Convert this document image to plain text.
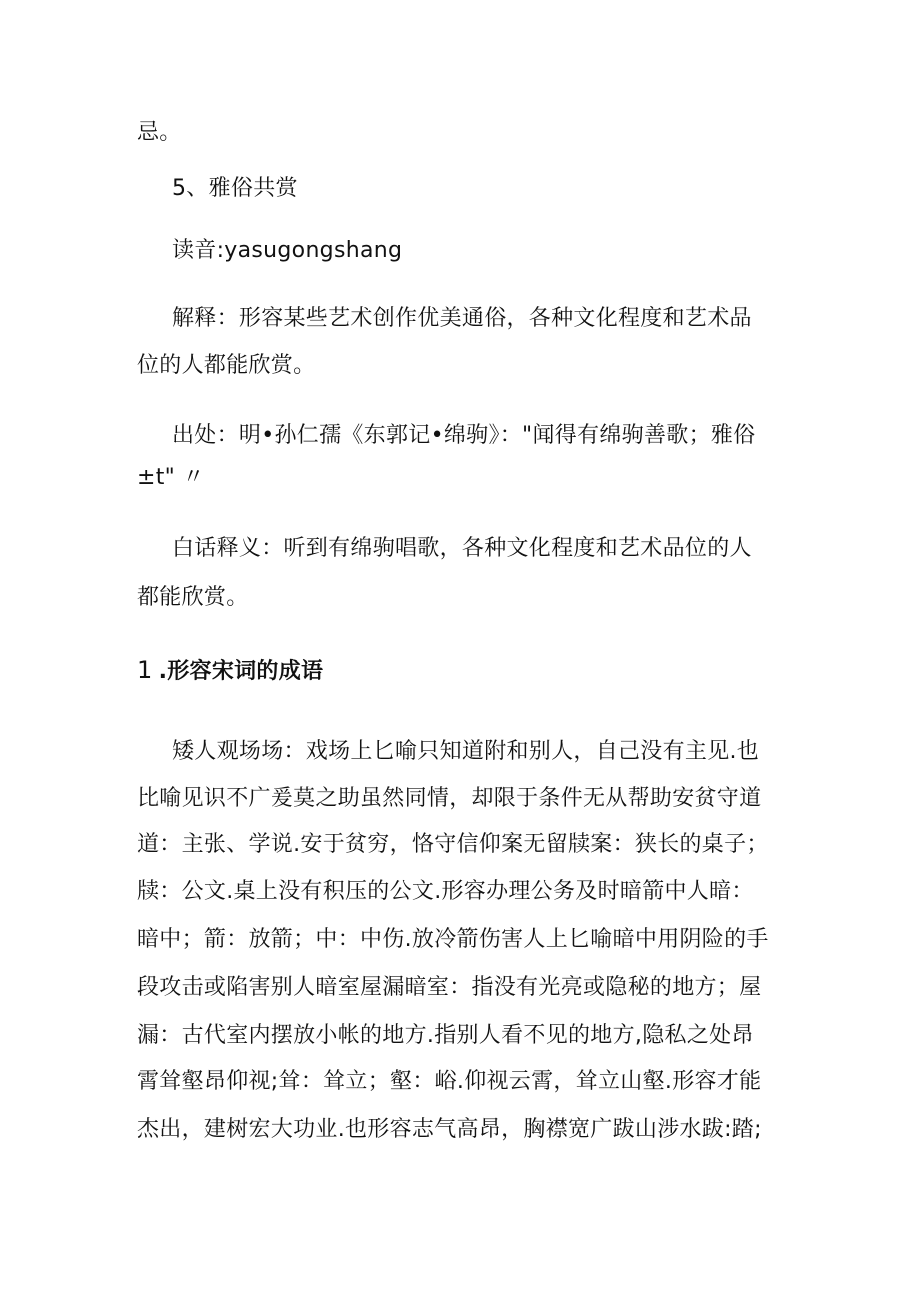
忌。
5、雅俗共赏
读音:yasugongshang
解释：形容某些艺术创作优美通俗，各种文化程度和艺术品
位的人都能欣赏。
出处：明•孙仁孺《东郭记•绵驹》："闻得有绵驹善歌；雅俗
±t" 〃
白话释义：听到有绵驹唱歌，各种文化程度和艺术品位的人
都能欣赏。
1 .形容宋词的成语
矮人观场场：戏场上匕喻只知道附和别人，自己没有主见.也
比喻见识不广爰莫之助虽然同情，却限于条件无从帮助安贫守道
道：主张、学说.安于贫穷，恪守信仰案无留牍案：狭长的桌子；
牍：公文.桌上没有积压的公文.形容办理公务及时暗箭中人暗：
暗中；箭：放箭；中：中伤.放冷箭伤害人上匕喻暗中用阴险的手
段攻击或陷害别人暗室屋漏暗室：指没有光亮或隐秘的地方；屋
漏：古代室内摆放小帐的地方.指别人看不见的地方,隐私之处昂
霄耸壑昂仰视;耸：耸立；壑：峪.仰视云霄，耸立山壑.形容才能
杰出，建树宏大功业.也形容志气高昂，胸襟宽广跋山涉水跋:踏;
